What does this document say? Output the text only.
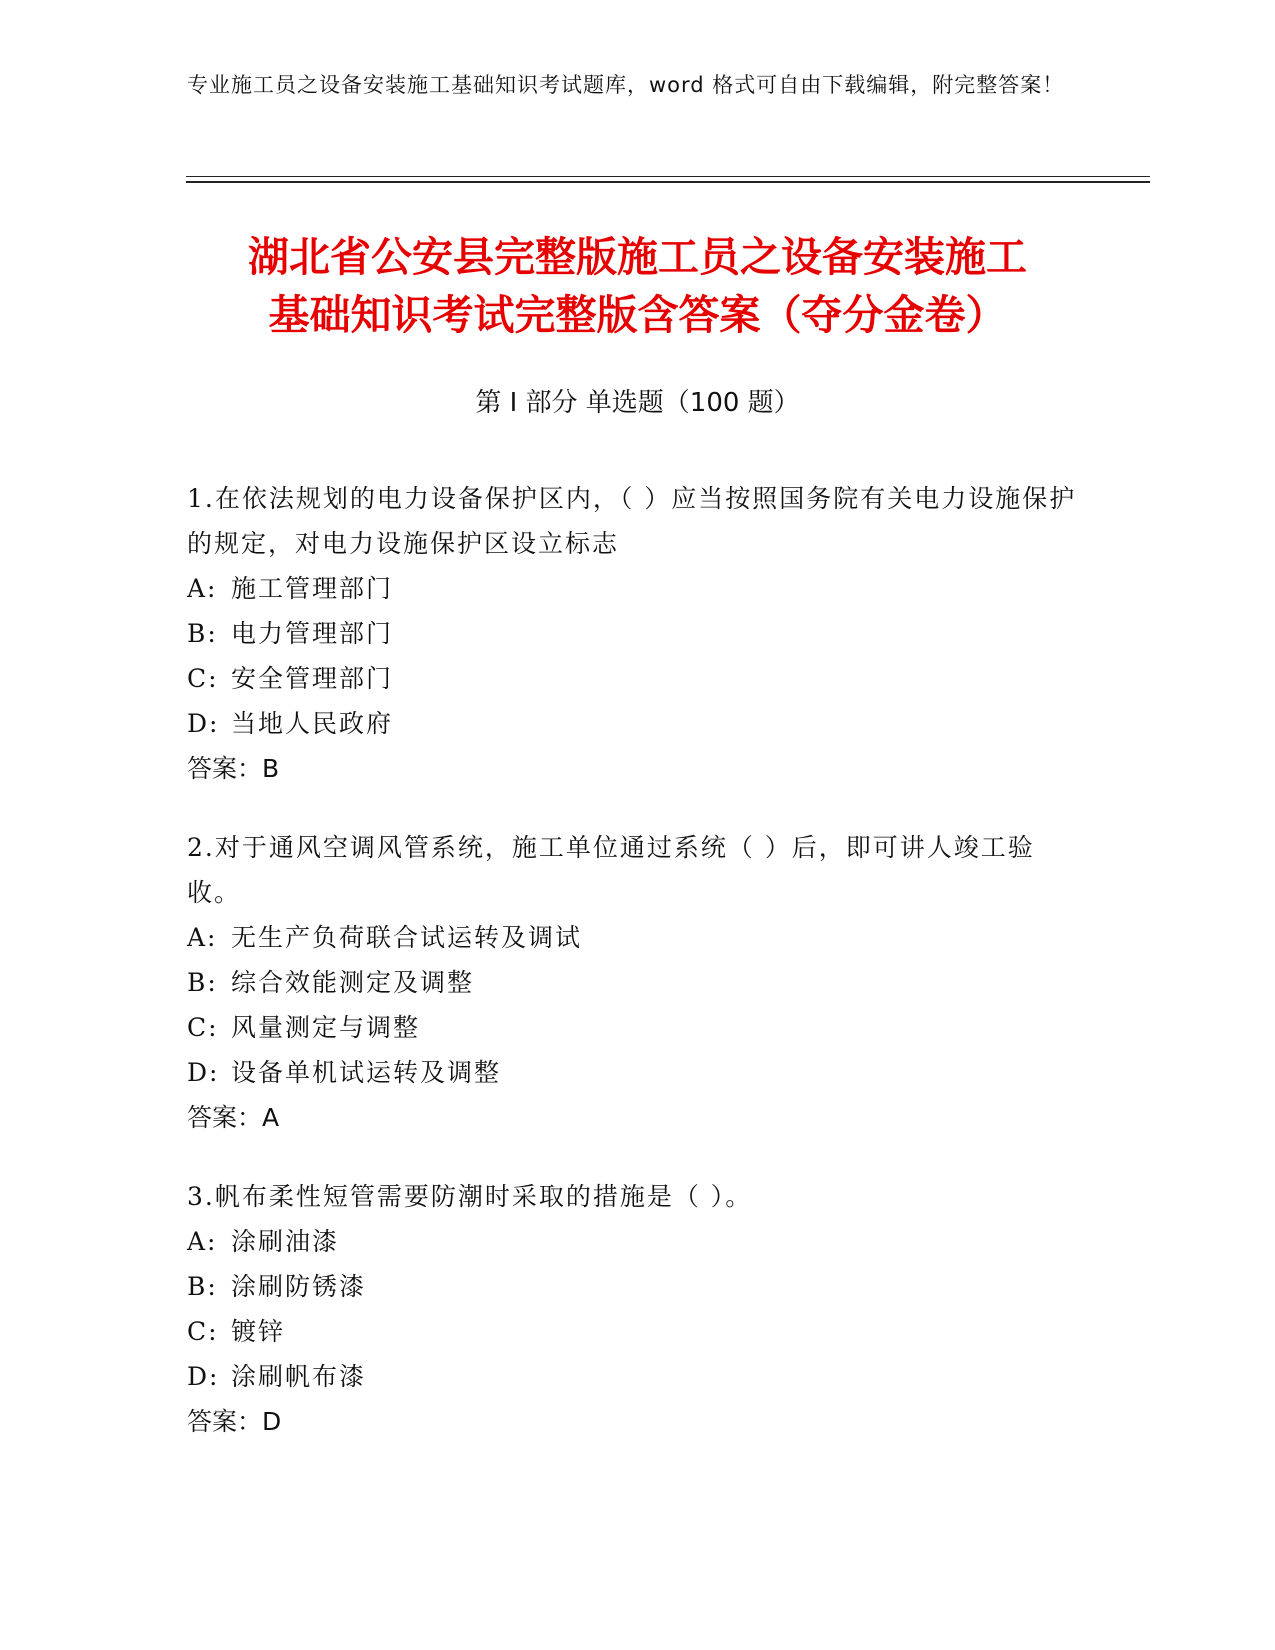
专业施工员之设备安装施工基础知识考试题库，word 格式可自由下载编辑，附完整答案！
湖北省公安县完整版施工员之设备安装施工
基础知识考试完整版含答案（夺分金卷）
第 I 部分 单选题（100 题）

1.在依法规划的电力设备保护区内，（ ）应当按照国务院有关电力设施保护的规定，对电力设施保护区设立标志

A: 施工管理部门

B: 电力管理部门

C: 安全管理部门

D: 当地人民政府

答案：B

2.对于通风空调风管系统，施工单位通过系统（ ）后，即可讲人竣工验收。

A: 无生产负荷联合试运转及调试

B: 综合效能测定及调整

C: 风量测定与调整

D: 设备单机试运转及调整

答案：A

3.帆布柔性短管需要防潮时采取的措施是（ ）。

A: 涂刷油漆

B: 涂刷防锈漆

C: 镀锌

D: 涂刷帆布漆

答案：D
